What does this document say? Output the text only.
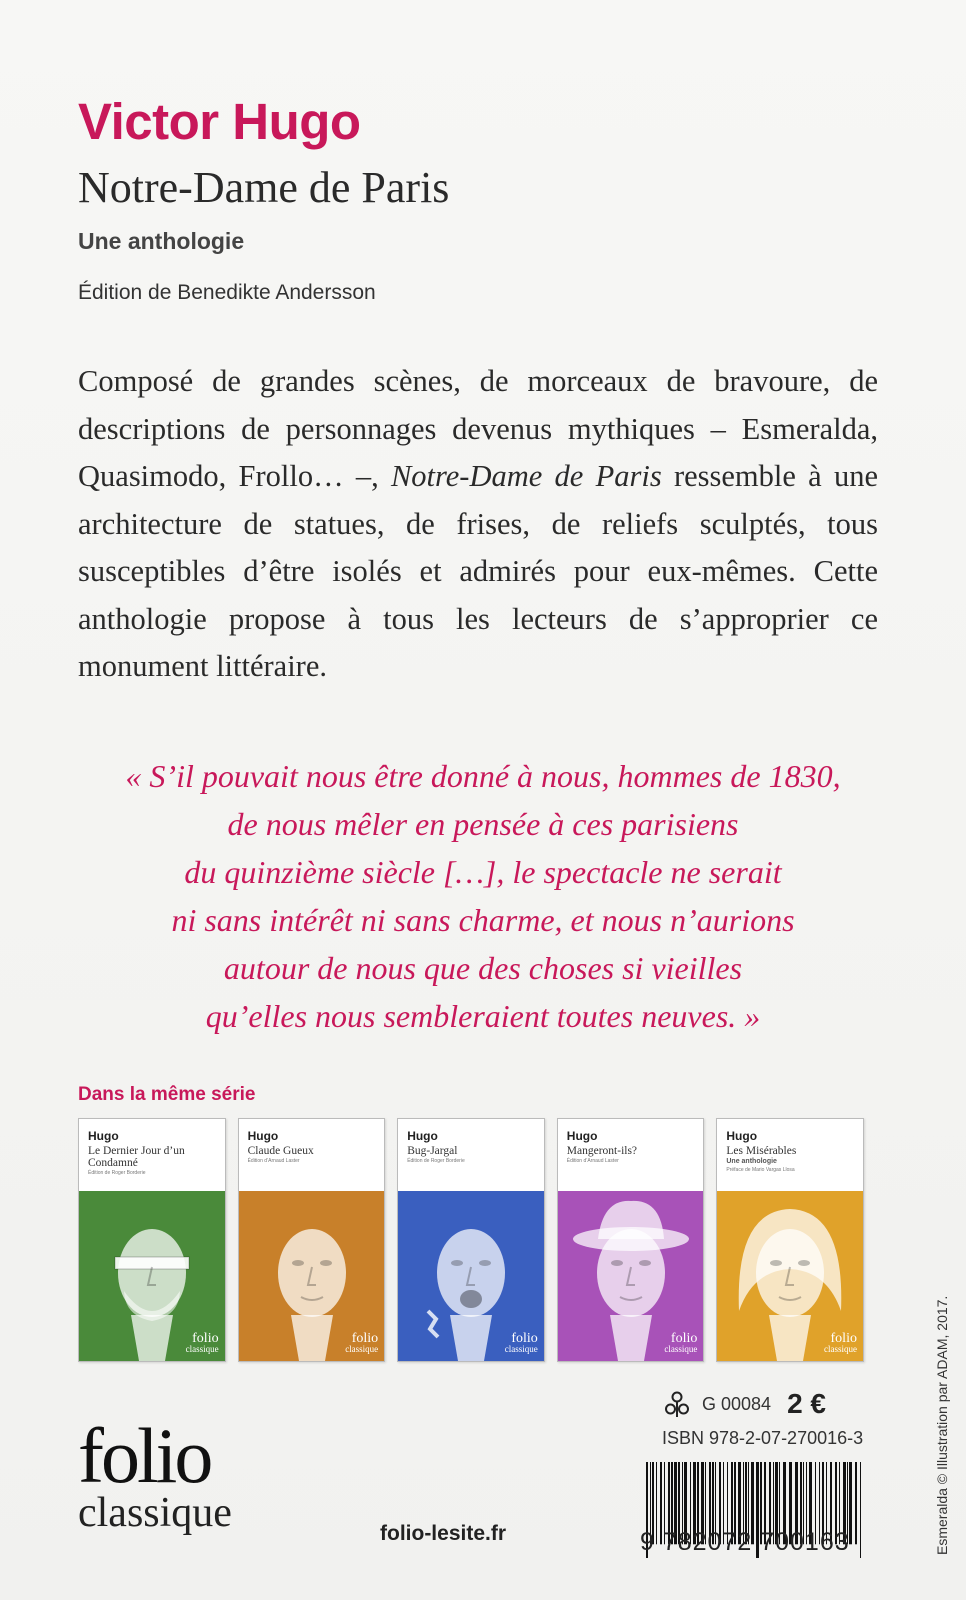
Victor Hugo
Notre-Dame de Paris
Une anthologie
Édition de Benedikte Andersson

Composé de grandes scènes, de morceaux de bravoure, de descriptions de personnages devenus mythiques – Esmeralda, Quasimodo, Frollo… –, Notre-Dame de Paris ressemble à une architecture de statues, de frises, de reliefs sculptés, tous susceptibles d’être isolés et admirés pour eux-mêmes. Cette anthologie propose à tous les lecteurs de s’approprier ce monument littéraire.

« S’il pouvait nous être donné à nous, hommes de 1830,
de nous mêler en pensée à ces parisiens
du quinzième siècle […], le spectacle ne serait
ni sans intérêt ni sans charme, et nous n’aurions
autour de nous que des choses si vieilles
qu’elles nous sembleraient toutes neuves. »
Dans la même série
Hugo
Le Dernier Jour d’un Condamné
Édition de Roger Borderie
folio
classique
Hugo
Claude Gueux
Édition d’Arnaud Laster
folio
classique
Hugo
Bug-Jargal
Édition de Roger Borderie
folio
classique
Hugo
Mangeront-ils?
Édition d’Arnaud Laster
folio
classique
Hugo
Les Misérables
Une anthologie
Préface de Mario Vargas Llosa
folio
classique
G 00084 2 €
ISBN 978-2-07-270016-3
9 782072 700163
folio
classique	folio-lesite.fr	Esmeralda © Illustration par ADAM, 2017.
